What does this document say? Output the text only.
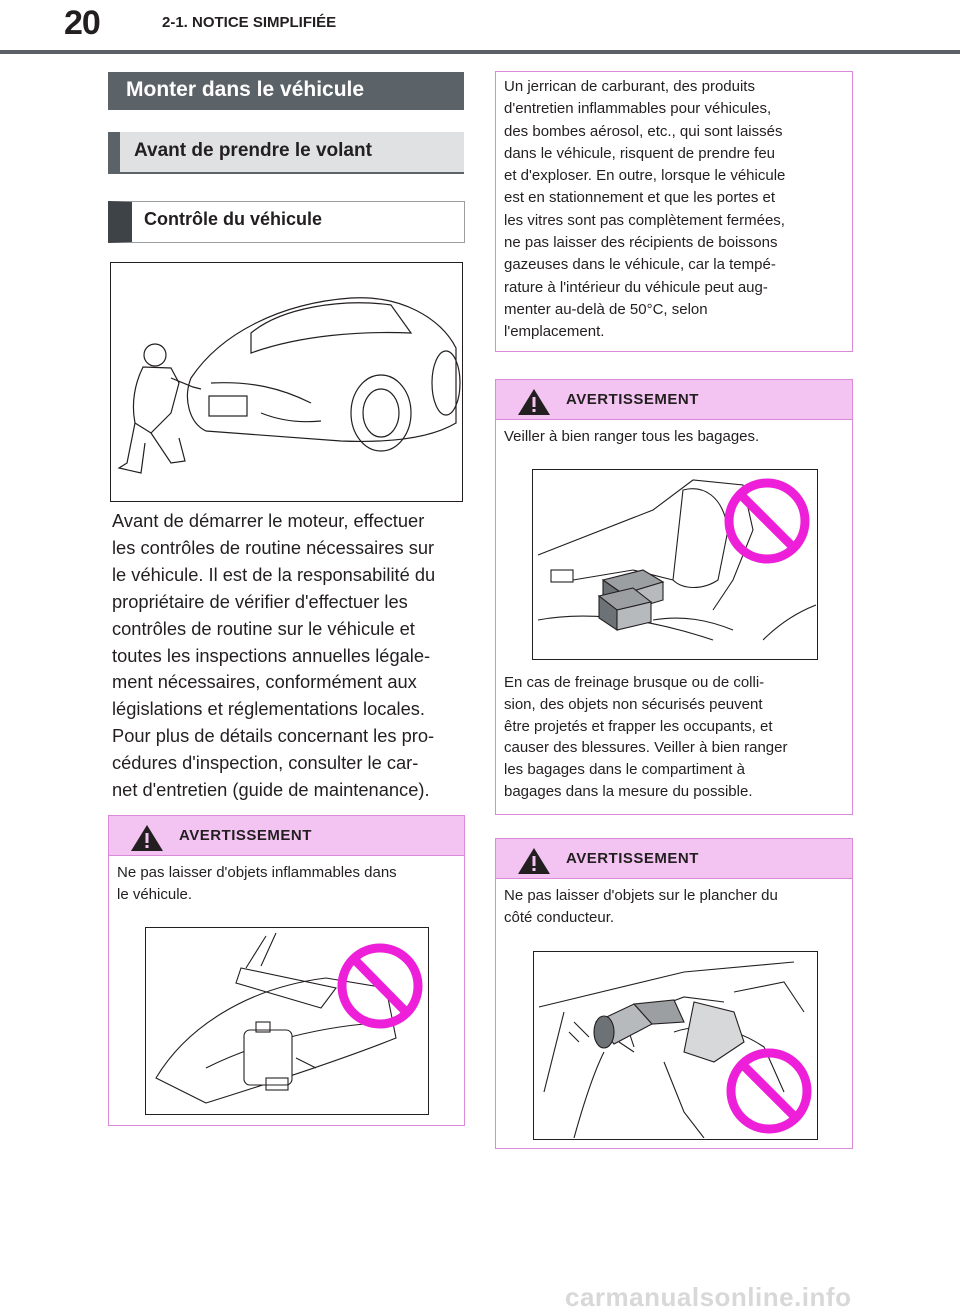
20	2-1. NOTICE SIMPLIFIÉE
Monter dans le véhicule
Avant de prendre le volant
Contrôle du véhicule
Avant de démarrer le moteur, effectuer
les contrôles de routine nécessaires sur
le véhicule. Il est de la responsabilité du
propriétaire de vérifier d'effectuer les
contrôles de routine sur le véhicule et
toutes les inspections annuelles légale-
ment nécessaires, conformément aux
législations et réglementations locales.
Pour plus de détails concernant les pro-
cédures d'inspection, consulter le car-
net d'entretien (guide de maintenance).
AVERTISSEMENT
Ne pas laisser d'objets inflammables dans
le véhicule.
Un jerrican de carburant, des produits
d'entretien inflammables pour véhicules,
des bombes aérosol, etc., qui sont laissés
dans le véhicule, risquent de prendre feu
et d'exploser. En outre, lorsque le véhicule
est en stationnement et que les portes et
les vitres sont pas complètement fermées,
ne pas laisser des récipients de boissons
gazeuses dans le véhicule, car la tempé-
rature à l'intérieur du véhicule peut aug-
menter au-delà de 50°C, selon
l'emplacement.
AVERTISSEMENT
Veiller à bien ranger tous les bagages.
En cas de freinage brusque ou de colli-
sion, des objets non sécurisés peuvent
être projetés et frapper les occupants, et
causer des blessures. Veiller à bien ranger
les bagages dans le compartiment à
bagages dans la mesure du possible.
AVERTISSEMENT
Ne pas laisser d'objets sur le plancher du
côté conducteur.
carmanualsonline.info
